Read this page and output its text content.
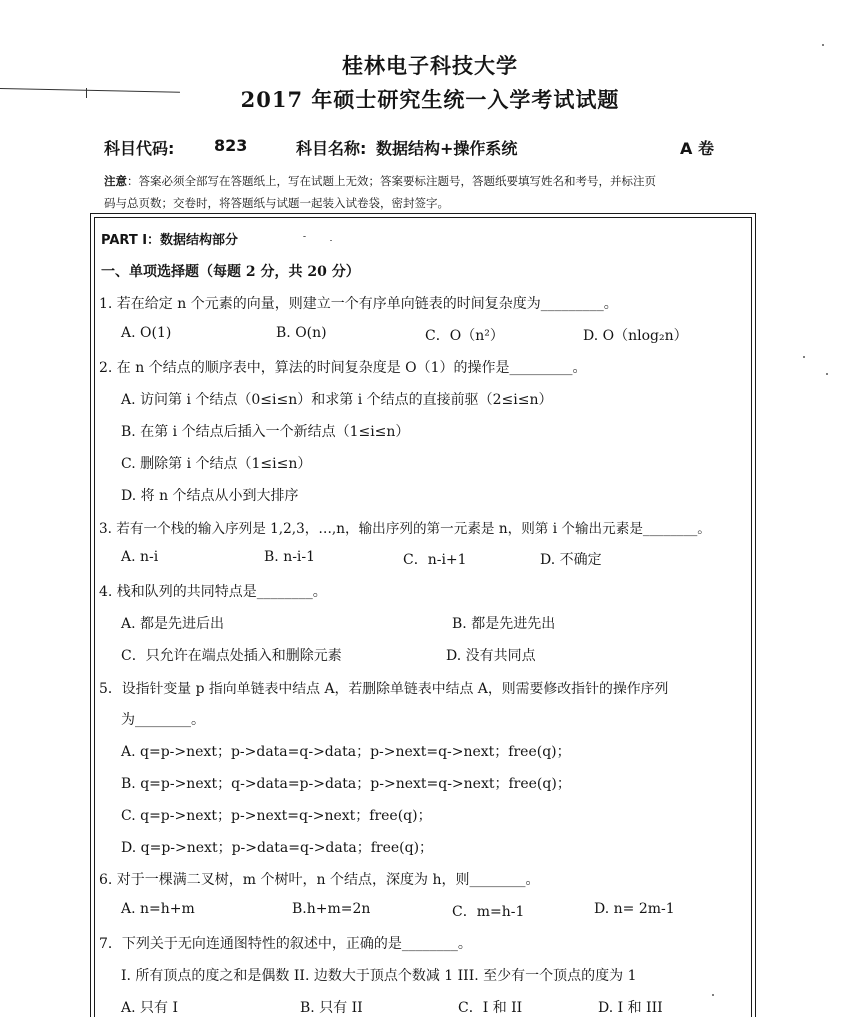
桂林电子科技大学
2017 年硕士研究生统一入学考试试题
科目代码: 823	科目名称: 数据结构+操作系统	A 卷
注意：答案必须全部写在答题纸上，写在试题上无效；答案要标注题号，答题纸要填写姓名和考号，并标注页
码与总页数；交卷时，将答题纸与试题一起装入试卷袋，密封签字。
PART Ⅰ：数据结构部分
一、单项选择题（每题 2 分，共 20 分）
1. 若在给定 n 个元素的向量，则建立一个有序单向链表的时间复杂度为_________。
A. O(1)	B. O(n)	C．O（n²）	D. O（nlog₂n）
2. 在 n 个结点的顺序表中，算法的时间复杂度是 O（1）的操作是_________。
A. 访问第 i 个结点（0≤i≤n）和求第 i 个结点的直接前驱（2≤i≤n）
B. 在第 i 个结点后插入一个新结点（1≤i≤n）
C. 删除第 i 个结点（1≤i≤n）
D. 将 n 个结点从小到大排序
3. 若有一个栈的输入序列是 1,2,3，…,n，输出序列的第一元素是 n，则第 i 个输出元素是________。
A. n-i	B. n-i-1	C．n-i+1	D. 不确定
4. 栈和队列的共同特点是________。
A. 都是先进后出	B. 都是先进先出
C．只允许在端点处插入和删除元素	D. 没有共同点
5．设指针变量 p 指向单链表中结点 A，若删除单链表中结点 A，则需要修改指针的操作序列
为________。
A. q=p->next；p->data=q->data；p->next=q->next；free(q)；
B. q=p->next；q->data=p->data；p->next=q->next；free(q)；
C. q=p->next；p->next=q->next；free(q)；
D. q=p->next；p->data=q->data；free(q)；
6. 对于一棵满二叉树，m 个树叶，n 个结点，深度为 h，则________。
A. n=h+m	B.h+m=2n	C．m=h-1	D. n= 2m-1
7．下列关于无向连通图特性的叙述中，正确的是________。
I. 所有顶点的度之和是偶数 II. 边数大于顶点个数减 1 III. 至少有一个顶点的度为 1
A. 只有 I	B. 只有 II	C．I 和 II	D. I 和 III
